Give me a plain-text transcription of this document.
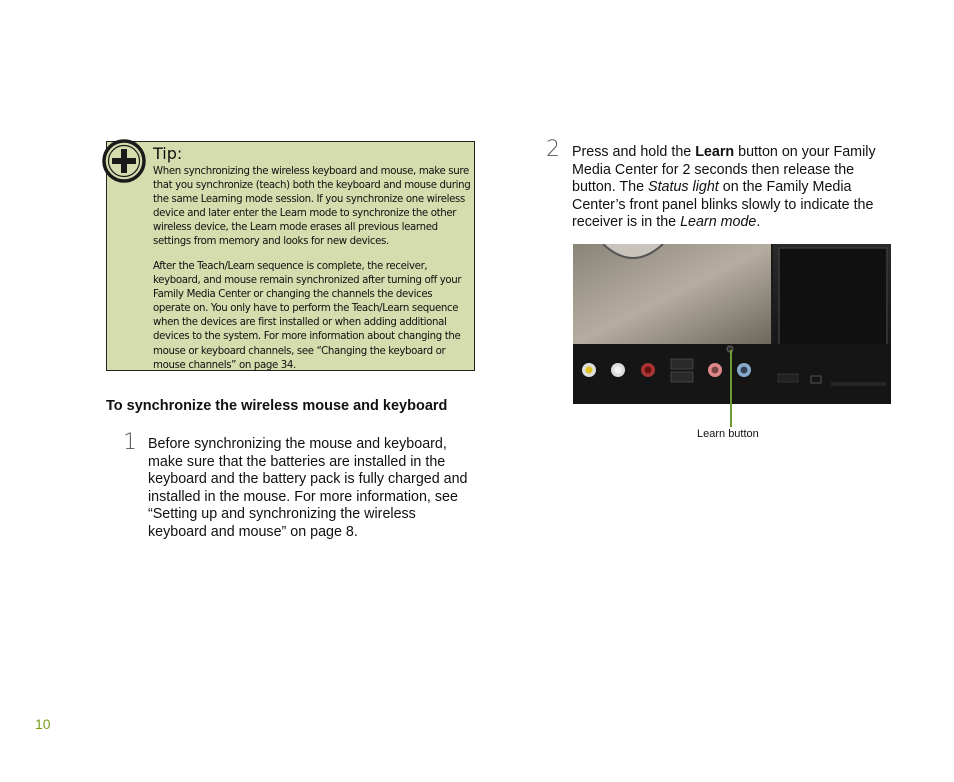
Tip:

When synchronizing the wireless keyboard and mouse, make sure that you synchronize (teach) both the keyboard and mouse during the same Learning mode session. If you synchronize one wireless device and later enter the Learn mode to synchronize the other wireless device, the Learn mode erases all previous learned settings from memory and looks for new devices.

After the Teach/Learn sequence is complete, the receiver, keyboard, and mouse remain synchronized after turning off your Family Media Center or changing the channels the devices operate on. You only have to perform the Teach/Learn sequence when the devices are first installed or when adding additional devices to the system. For more information about changing the mouse or keyboard channels, see “Changing the keyboard or mouse channels” on page 34.

To synchronize the wireless mouse and keyboard
1 Before synchronizing the mouse and keyboard, make sure that the batteries are installed in the keyboard and the battery pack is fully charged and installed in the mouse. For more information, see “Setting up and synchronizing the wireless keyboard and mouse” on page 8.

2 Press and hold the Learn button on your Family Media Center for 2 seconds then release the button. The Status light on the Family Media Center’s front panel blinks slowly to indicate the receiver is in the Learn mode.

Learn button
10
